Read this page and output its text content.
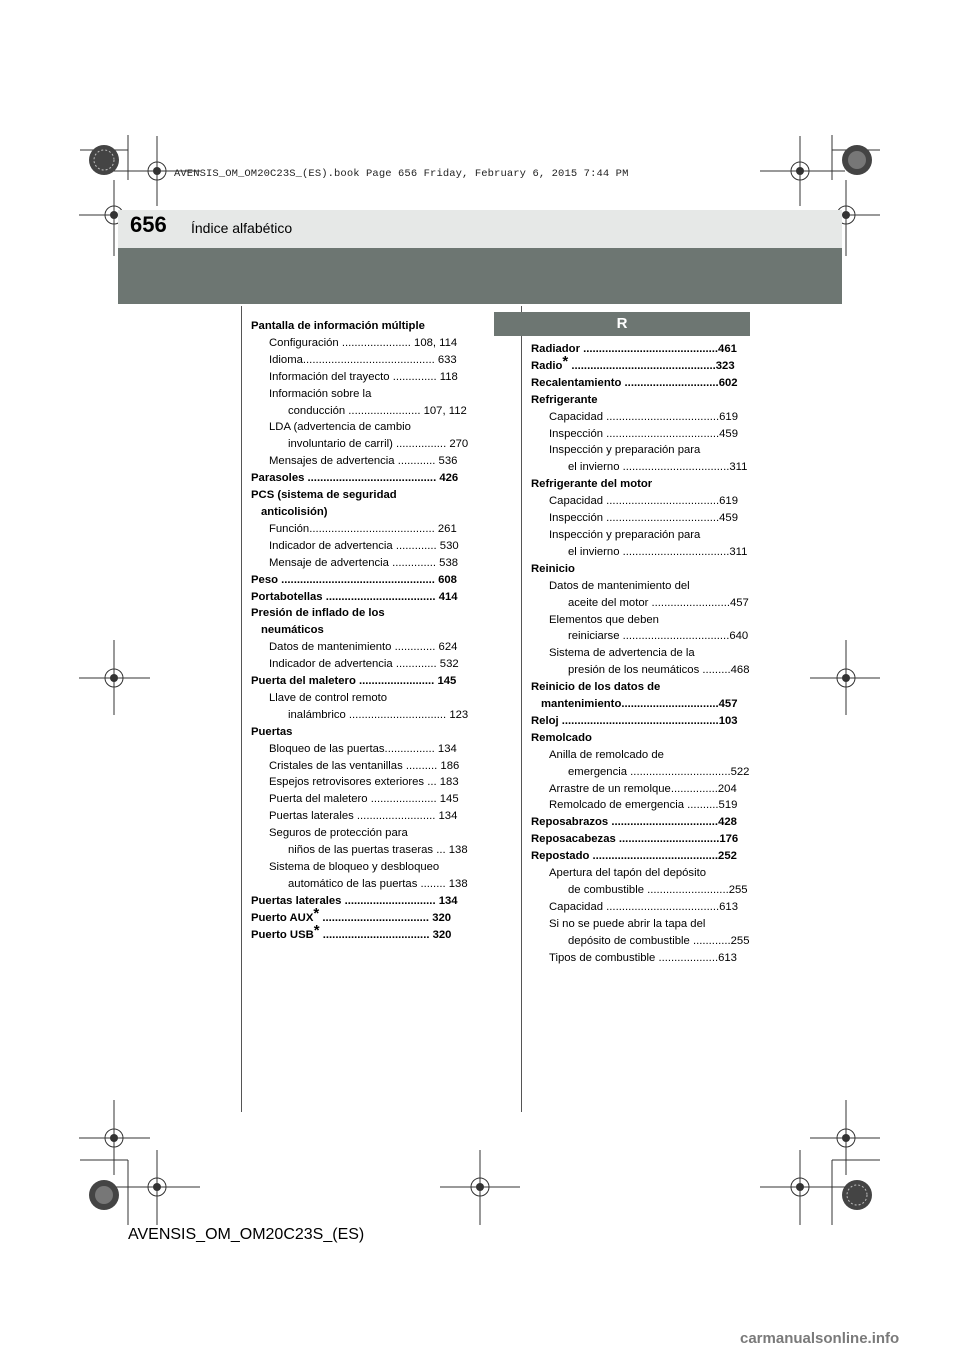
AVENSIS_OM_OM20C23S_(ES).book Page 656 Friday, February 6, 2015 7:44 PM
656 Índice alfabético
R
Pantalla de información múltiple
Configuración ...................... 108, 114
Idioma.......................................... 633
Información del trayecto .............. 118
Información sobre la
conducción ....................... 107, 112
LDA (advertencia de cambio
involuntario de carril) ................ 270
Mensajes de advertencia ............ 536
Parasoles ......................................... 426
PCS (sistema de seguridad
anticolisión)
Función........................................ 261
Indicador de advertencia ............. 530
Mensaje de advertencia .............. 538
Peso ................................................. 608
Portabotellas ................................... 414
Presión de inflado de los
neumáticos
Datos de mantenimiento ............. 624
Indicador de advertencia ............. 532
Puerta del maletero ........................ 145
Llave de control remoto
inalámbrico ............................... 123
Puertas
Bloqueo de las puertas................ 134
Cristales de las ventanillas .......... 186
Espejos retrovisores exteriores ... 183
Puerta del maletero ..................... 145
Puertas laterales ......................... 134
Seguros de protección para
niños de las puertas traseras ... 138
Sistema de bloqueo y desbloqueo
automático de las puertas ........ 138
Puertas laterales ............................. 134
Puerto AUX* .................................. 320
Puerto USB* .................................. 320
Radiador ...........................................461
Radio* ..............................................323
Recalentamiento ..............................602
Refrigerante
Capacidad ....................................619
Inspección ....................................459
Inspección y preparación para
el invierno ..................................311
Refrigerante del motor
Capacidad ....................................619
Inspección ....................................459
Inspección y preparación para
el invierno ..................................311
Reinicio
Datos de mantenimiento del
aceite del motor .........................457
Elementos que deben
reiniciarse ..................................640
Sistema de advertencia de la
presión de los neumáticos .........468
Reinicio de los datos de
mantenimiento...............................457
Reloj ..................................................103
Remolcado
Anilla de remolcado de
emergencia ................................522
Arrastre de un remolque...............204
Remolcado de emergencia ..........519
Reposabrazos ..................................428
Reposacabezas ................................176
Repostado ........................................252
Apertura del tapón del depósito
de combustible ..........................255
Capacidad ....................................613
Si no se puede abrir la tapa del
depósito de combustible ............255
Tipos de combustible ...................613
AVENSIS_OM_OM20C23S_(ES)
carmanualsonline.info
